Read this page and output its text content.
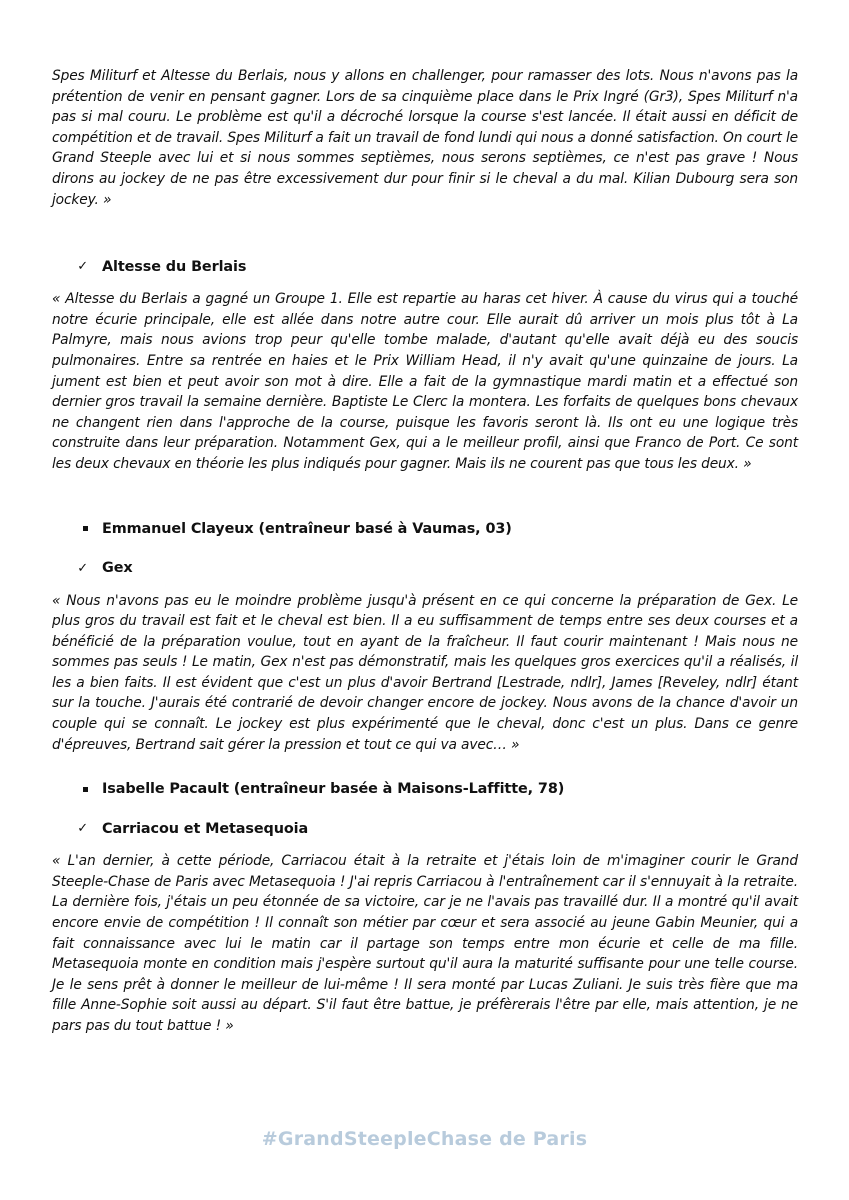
Spes Militurf et Altesse du Berlais, nous y allons en challenger, pour ramasser des lots. Nous n'avons pas la prétention de venir en pensant gagner. Lors de sa cinquième place dans le Prix Ingré (Gr3), Spes Militurf n'a pas si mal couru. Le problème est qu'il a décroché lorsque la course s'est lancée. Il était aussi en déficit de compétition et de travail. Spes Militurf a fait un travail de fond lundi qui nous a donné satisfaction. On court le Grand Steeple avec lui et si nous sommes septièmes, nous serons septièmes, ce n'est pas grave ! Nous dirons au jockey de ne pas être excessivement dur pour finir si le cheval a du mal. Kilian Dubourg sera son jockey. »

✓ Altesse du Berlais

« Altesse du Berlais a gagné un Groupe 1. Elle est repartie au haras cet hiver. À cause du virus qui a touché notre écurie principale, elle est allée dans notre autre cour. Elle aurait dû arriver un mois plus tôt à La Palmyre, mais nous avions trop peur qu'elle tombe malade, d'autant qu'elle avait déjà eu des soucis pulmonaires. Entre sa rentrée en haies et le Prix William Head, il n'y avait qu'une quinzaine de jours. La jument est bien et peut avoir son mot à dire. Elle a fait de la gymnastique mardi matin et a effectué son dernier gros travail la semaine dernière. Baptiste Le Clerc la montera. Les forfaits de quelques bons chevaux ne changent rien dans l'approche de la course, puisque les favoris seront là. Ils ont eu une logique très construite dans leur préparation. Notamment Gex, qui a le meilleur profil, ainsi que Franco de Port. Ce sont les deux chevaux en théorie les plus indiqués pour gagner. Mais ils ne courent pas que tous les deux. »

Emmanuel Clayeux (entraîneur basé à Vaumas, 03)
✓ Gex

« Nous n'avons pas eu le moindre problème jusqu'à présent en ce qui concerne la préparation de Gex. Le plus gros du travail est fait et le cheval est bien. Il a eu suffisamment de temps entre ses deux courses et a bénéficié de la préparation voulue, tout en ayant de la fraîcheur. Il faut courir maintenant ! Mais nous ne sommes pas seuls ! Le matin, Gex n'est pas démonstratif, mais les quelques gros exercices qu'il a réalisés, il les a bien faits. Il est évident que c'est un plus d'avoir Bertrand [Lestrade, ndlr], James [Reveley, ndlr] étant sur la touche. J'aurais été contrarié de devoir changer encore de jockey. Nous avons de la chance d'avoir un couple qui se connaît. Le jockey est plus expérimenté que le cheval, donc c'est un plus. Dans ce genre d'épreuves, Bertrand sait gérer la pression et tout ce qui va avec… »

Isabelle Pacault (entraîneur basée à Maisons-Laffitte, 78)
✓ Carriacou et Metasequoia

« L'an dernier, à cette période, Carriacou était à la retraite et j'étais loin de m'imaginer courir le Grand Steeple-Chase de Paris avec Metasequoia ! J'ai repris Carriacou à l'entraînement car il s'ennuyait à la retraite. La dernière fois, j'étais un peu étonnée de sa victoire, car je ne l'avais pas travaillé dur. Il a montré qu'il avait encore envie de compétition ! Il connaît son métier par cœur et sera associé au jeune Gabin Meunier, qui a fait connaissance avec lui le matin car il partage son temps entre mon écurie et celle de ma fille. Metasequoia monte en condition mais j'espère surtout qu'il aura la maturité suffisante pour une telle course. Je le sens prêt à donner le meilleur de lui-même ! Il sera monté par Lucas Zuliani. Je suis très fière que ma fille Anne-Sophie soit aussi au départ. S'il faut être battue, je préfèrerais l'être par elle, mais attention, je ne pars pas du tout battue ! »

#GrandSteepleChase de Paris
